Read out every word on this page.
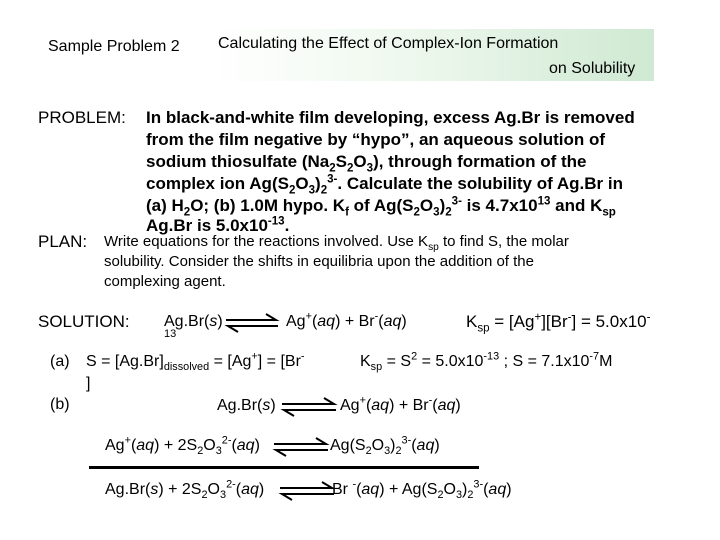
Sample Problem 2 Calculating the Effect of Complex-Ion Formation
on Solubility
PROBLEM: In black-and-white film developing, excess Ag.Br is removed
from the film negative by “hypo”, an aqueous solution of
sodium thiosulfate $(Na_2S_2O_3)$, through formation of the
complex ion $Ag(S_2O_3)_2^{3-}$. Calculate the solubility of Ag.Br in
(a) $H_2O$; (b) 1.0M hypo. $K_f$ of $Ag(S_2O_3)_2^{3-}$ is $4.7x10^{13}$ and $K_{sp}$
Ag.Br is $5.0x10^{-13}$.
PLAN: Write equations for the reactions involved. Use $K_{sp}$ to find S, the molar
solubility. Consider the shifts in equilibria upon the addition of the
complexing agent.
SOLUTION: Ag.Br(s)
13
⇌ Ag+(aq) + Br-(aq)	$K_{sp} = [Ag^+][Br^-] = 5.0x10^-$
(a) $S = [Ag.Br]_{dissolved} = [Ag^+] = [Br^-$
]
$K_{sp} = S^2 = 5.0x10^{-13}$ ; $S = 7.1x10^{-7}M$
(b)	Ag.Br(s) ⇌ Ag+(aq) + Br-(aq)
$Ag^+(aq) + 2S_2O_3^{2-}(aq)$ ⇌ $Ag(S_2O_3)_2^{3-}(aq)$
$Ag.Br(s) + 2S_2O_3^{2-}(aq)$ ⇌
Br $^-(aq) + Ag(S_2O_3)_2^{3-}(aq)$
